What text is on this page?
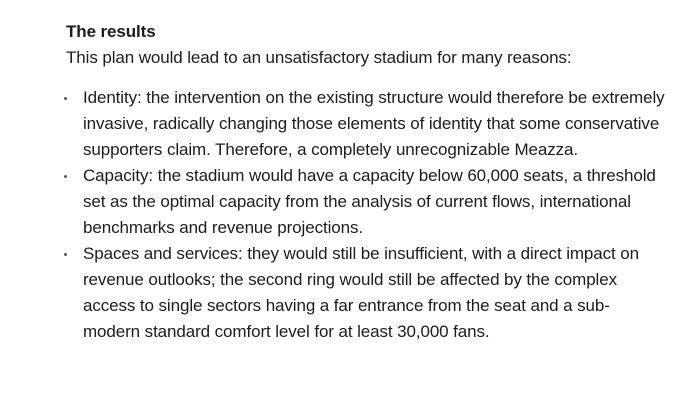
The results
This plan would lead to an unsatisfactory stadium for many reasons:
Identity: the intervention on the existing structure would therefore be extremely invasive, radically changing those elements of identity that some conservative supporters claim. Therefore, a completely unrecognizable Meazza.
Capacity: the stadium would have a capacity below 60,000 seats, a threshold set as the optimal capacity from the analysis of current flows, international benchmarks and revenue projections.
Spaces and services: they would still be insufficient, with a direct impact on revenue outlooks; the second ring would still be affected by the complex access to single sectors having a far entrance from the seat and a sub-modern standard comfort level for at least 30,000 fans.
